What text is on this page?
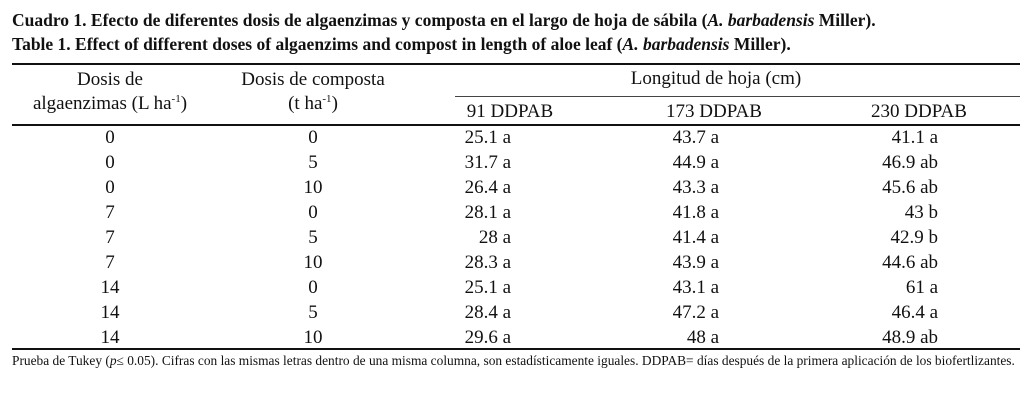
Cuadro 1. Efecto de diferentes dosis de algaenzimas y composta en el largo de hoja de sábila (A. barbadensis Miller).
Table 1. Effect of different doses of algaenzims and compost in length of aloe leaf (A. barbadensis Miller).
Dosis de
algaenzimas (L $ha^{-1}$)
Dosis de composta
(t $ha^{-1}$)
Longitud de hoja (cm)
91 DDPAB	173 DDPAB	230 DDPAB
0	0	25.1 a	43.7 a	41.1 a
0	5	31.7 a	44.9 a	46.9 ab
0	10	26.4 a	43.3 a	45.6 ab
7	0	28.1 a	41.8 a	43 b
7	5	28 a	41.4 a	42.9 b
7	10	28.3 a	43.9 a	44.6 ab
14	0	25.1 a	43.1 a	61 a
14	5	28.4 a	47.2 a	46.4 a
14	10	29.6 a	48 a	48.9 ab
Prueba de Tukey (p≤ 0.05). Cifras con las mismas letras dentro de una misma columna, son estadísticamente iguales. DDPAB= días después de la primera aplicación de los biofertlizantes.
